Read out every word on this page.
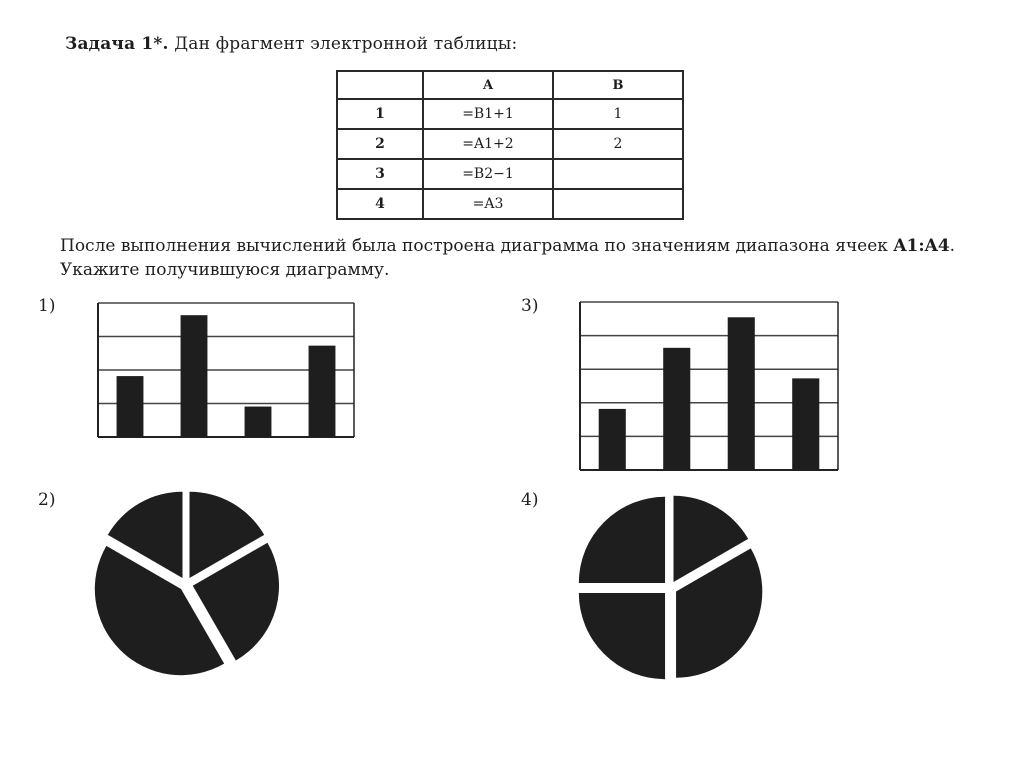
Задача 1*. Дан фрагмент электронной таблицы:
	A	B
1	=B1+1	1
2	=A1+2	2
3	=B2−1	
4	=A3	
После выполнения вычислений была построена диаграмма по значениям диапазона ячеек A1:A4. Укажите получившуюся диаграмму.
1)
2)
3)
4)
